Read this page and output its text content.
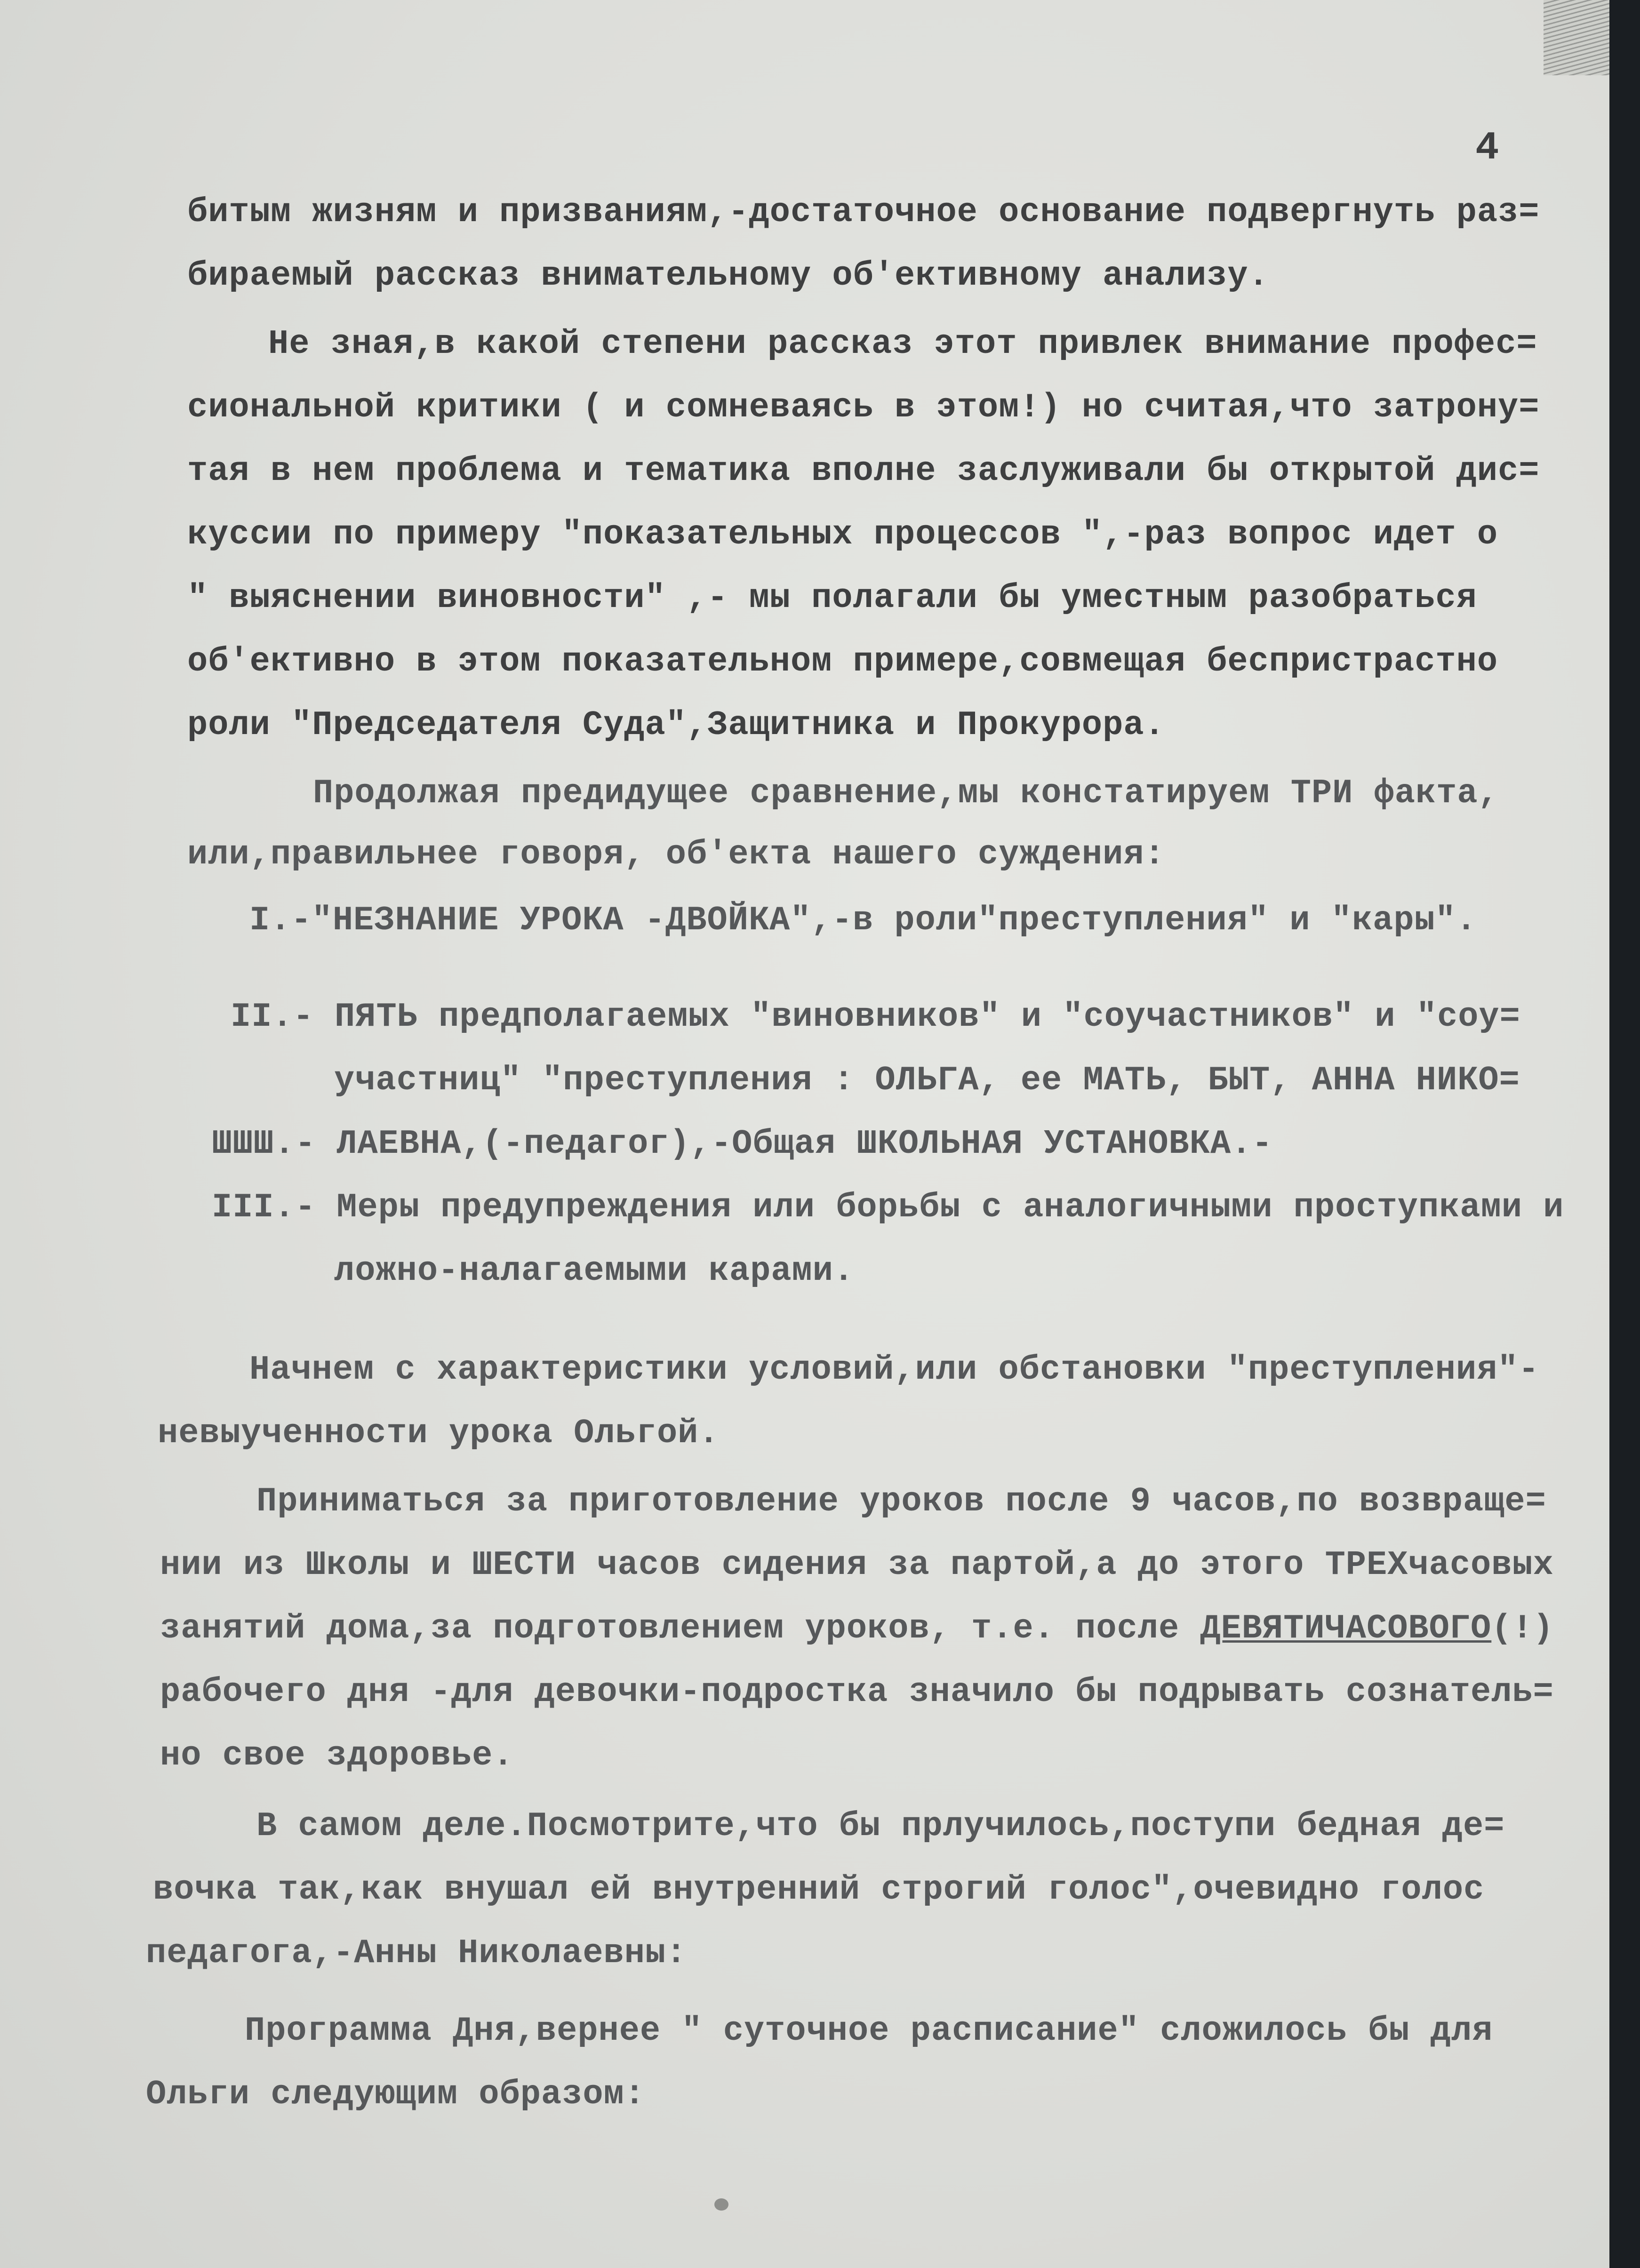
4
битым жизням и призваниям,-достаточное основание подвергнуть раз=
бираемый рассказ внимательному об'ективному анализу.
Не зная,в какой степени рассказ этот привлек внимание профес=
сиональной критики ( и сомневаясь в этом!) но считая,что затрону=
тая в нем проблема и тематика вполне заслуживали бы открытой дис=
куссии по примеру "показательных процессов ",-раз вопрос идет о
" выяснении виновности" ,- мы полагали бы уместным разобраться
об'ективно в этом показательном примере,совмещая беспристрастно
роли "Председателя Суда",Защитника и Прокурора.
Продолжая предидущее сравнение,мы констатируем ТРИ факта,
или,правильнее говоря, об'екта нашего суждения:
I.-"НЕЗНАНИЕ УРОКА -ДВОЙКА",-в роли"преступления" и "кары".
II.- ПЯТЬ предполагаемых "виновников" и "соучастников" и "соу=
участниц" "преступления : ОЛЬГА, ее МАТЬ, БЫТ, АННА НИКО=
ШШШ.- ЛАЕВНА,(-педагог),-Общая ШКОЛЬНАЯ УСТАНОВКА.-
III.- Меры предупреждения или борьбы с аналогичными проступками и
ложно-налагаемыми карами.
Начнем с характеристики условий,или обстановки "преступления"-
невыученности урока Ольгой.
Приниматься за приготовление уроков после 9 часов,по возвраще=
нии из Школы и ШЕСТИ часов сидения за партой,а до этого ТРЕХчасовых
занятий дома,за подготовлением уроков, т.е. после ДЕВЯТИЧАСОВОГО(!)
рабочего дня -для девочки-подростка значило бы подрывать сознатель=
но свое здоровье.
В самом деле.Посмотрите,что бы прлучилось,поступи бедная де=
вочка так,как внушал ей внутренний строгий голос",очевидно голос
педагога,-Анны Николаевны:
Программа Дня,вернее " суточное расписание" сложилось бы для
Ольги следующим образом:
